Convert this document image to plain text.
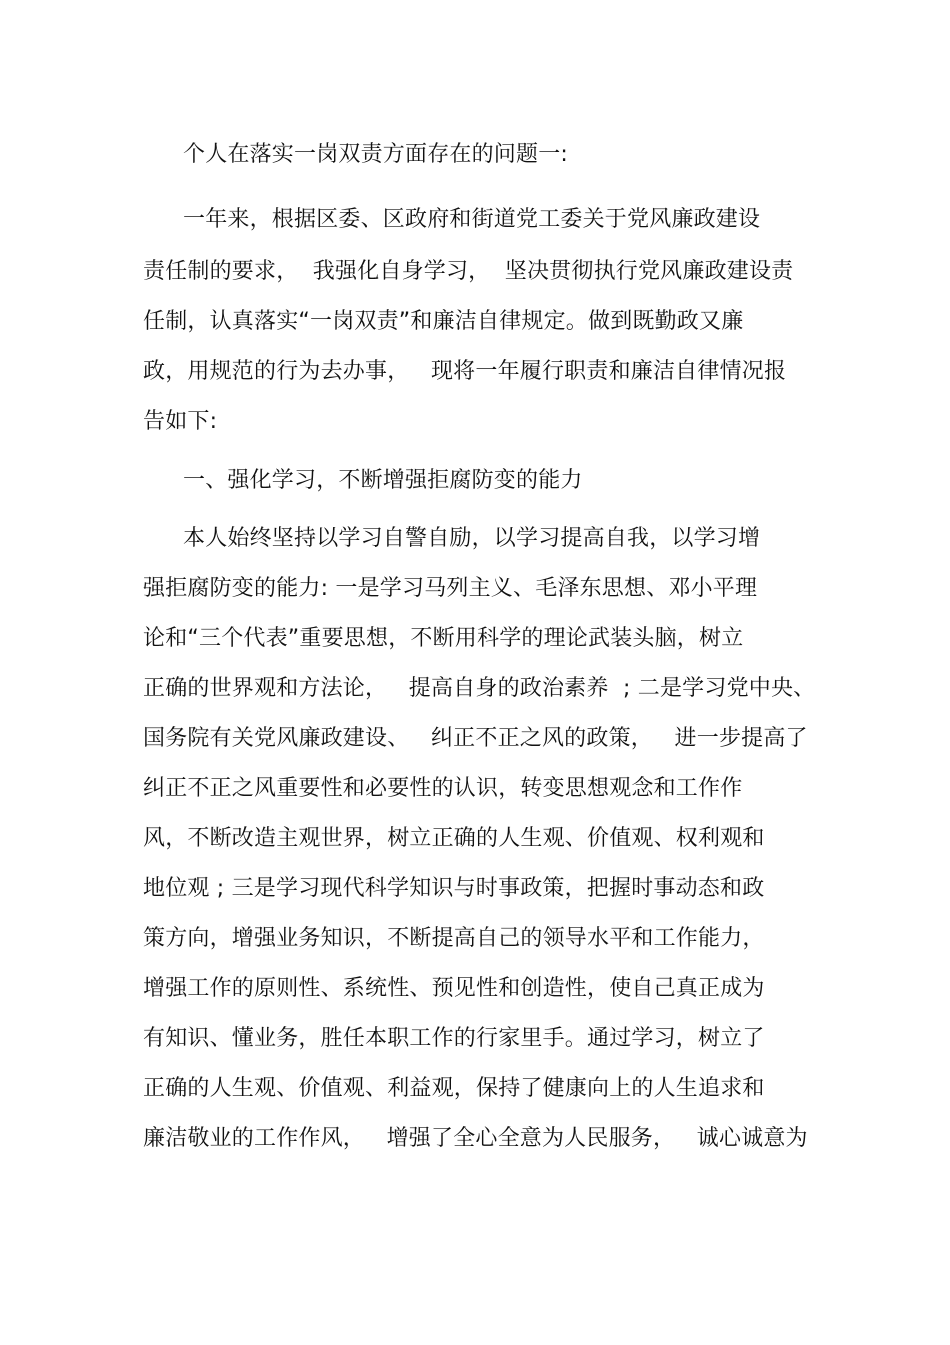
个人在落实一岗双责方面存在的问题一:
一年来，根据区委、区政府和街道党工委关于党风廉政建设
责任制的要求，  我强化自身学习，  坚决贯彻执行党风廉政建设责
任制，认真落实“一岗双责”和廉洁自律规定。做到既勤政又廉
政，用规范的行为去办事，   现将一年履行职责和廉洁自律情况报
告如下:
一、强化学习，不断增强拒腐防变的能力
本人始终坚持以学习自警自励，以学习提高自我，以学习增
强拒腐防变的能力: 一是学习马列主义、毛泽东思想、邓小平理
论和“三个代表”重要思想，不断用科学的理论武装头脑，树立
正确的世界观和方法论，   提高自身的政治素养  ; 二是学习党中央、
国务院有关党风廉政建设、   纠正不正之风的政策，   进一步提高了
纠正不正之风重要性和必要性的认识，转变思想观念和工作作
风，不断改造主观世界，树立正确的人生观、价值观、权利观和
地位观 ; 三是学习现代科学知识与时事政策，把握时事动态和政
策方向，增强业务知识，不断提高自己的领导水平和工作能力，
增强工作的原则性、系统性、预见性和创造性，使自己真正成为
有知识、懂业务，胜任本职工作的行家里手。通过学习，树立了
正确的人生观、价值观、利益观，保持了健康向上的人生追求和
廉洁敬业的工作作风，   增强了全心全意为人民服务，   诚心诚意为
